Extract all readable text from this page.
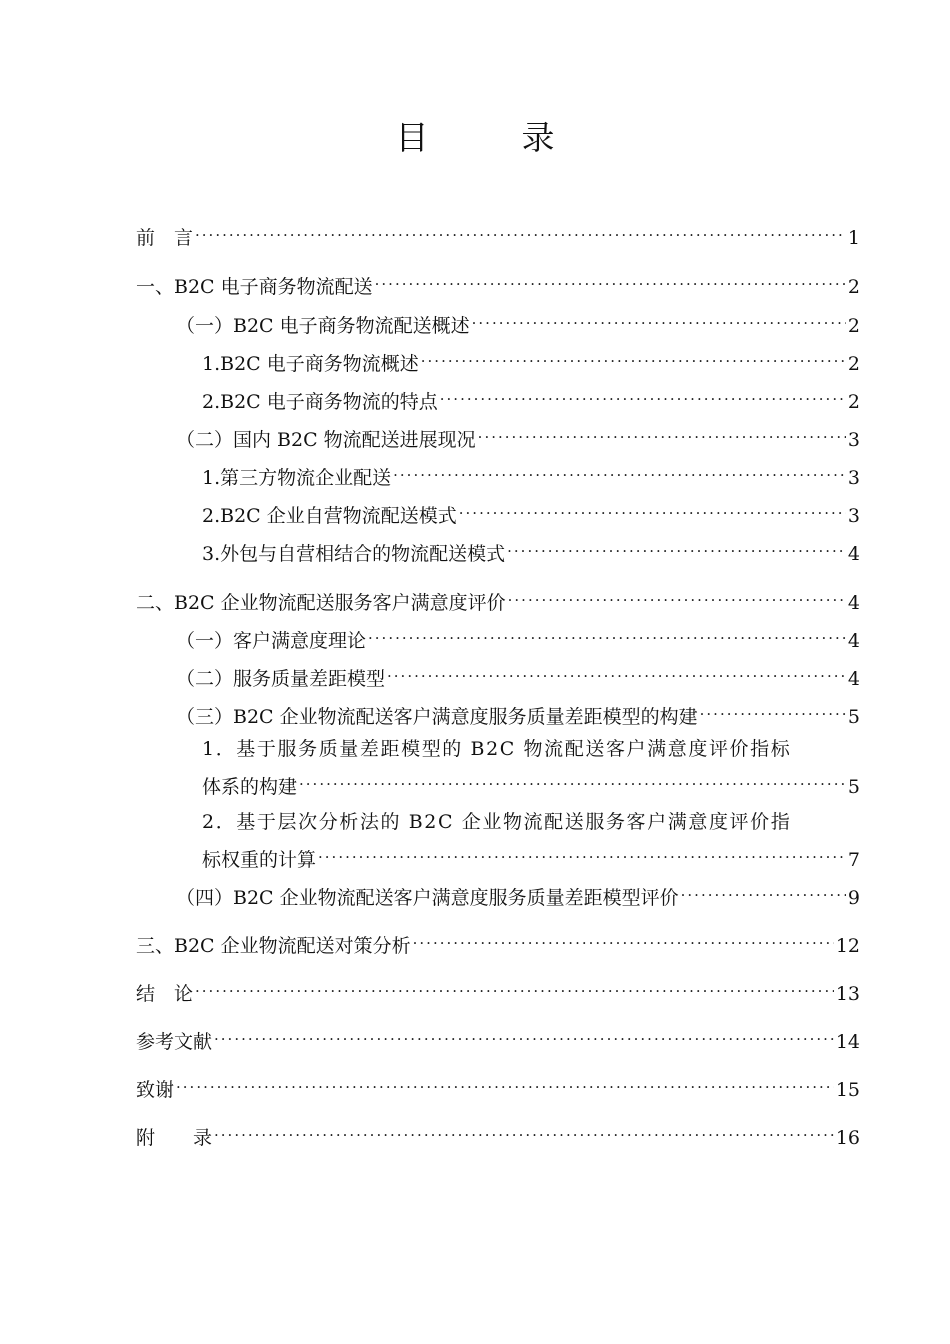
目　录
前　言 ·····	1
一、B2C 电子商务物流配送 ·····	2
（一）B2C 电子商务物流配送概述 ·····	2
1.B2C 电子商务物流概述 ·····	2
2.B2C 电子商务物流的特点 ·····	2
（二）国内 B2C 物流配送进展现况 ·····	3
1.第三方物流企业配送 ·····	3
2.B2C 企业自营物流配送模式 ·····	3
3.外包与自营相结合的物流配送模式 ·····	4
二、B2C 企业物流配送服务客户满意度评价 ·····	4
（一）客户满意度理论 ·····	4
（二）服务质量差距模型 ·····	4
（三）B2C 企业物流配送客户满意度服务质量差距模型的构建 ·····	5
1．基于服务质量差距模型的 B2C 物流配送客户满意度评价指标
体系的构建 ·····	5
2．基于层次分析法的 B2C 企业物流配送服务客户满意度评价指
标权重的计算 ·····	7
（四）B2C 企业物流配送客户满意度服务质量差距模型评价 ·····	9
三、B2C 企业物流配送对策分析 ·····	12
结　论 ·····	13
参考文献 ·····	14
致谢 ·····	15
附　　录 ·····	16
